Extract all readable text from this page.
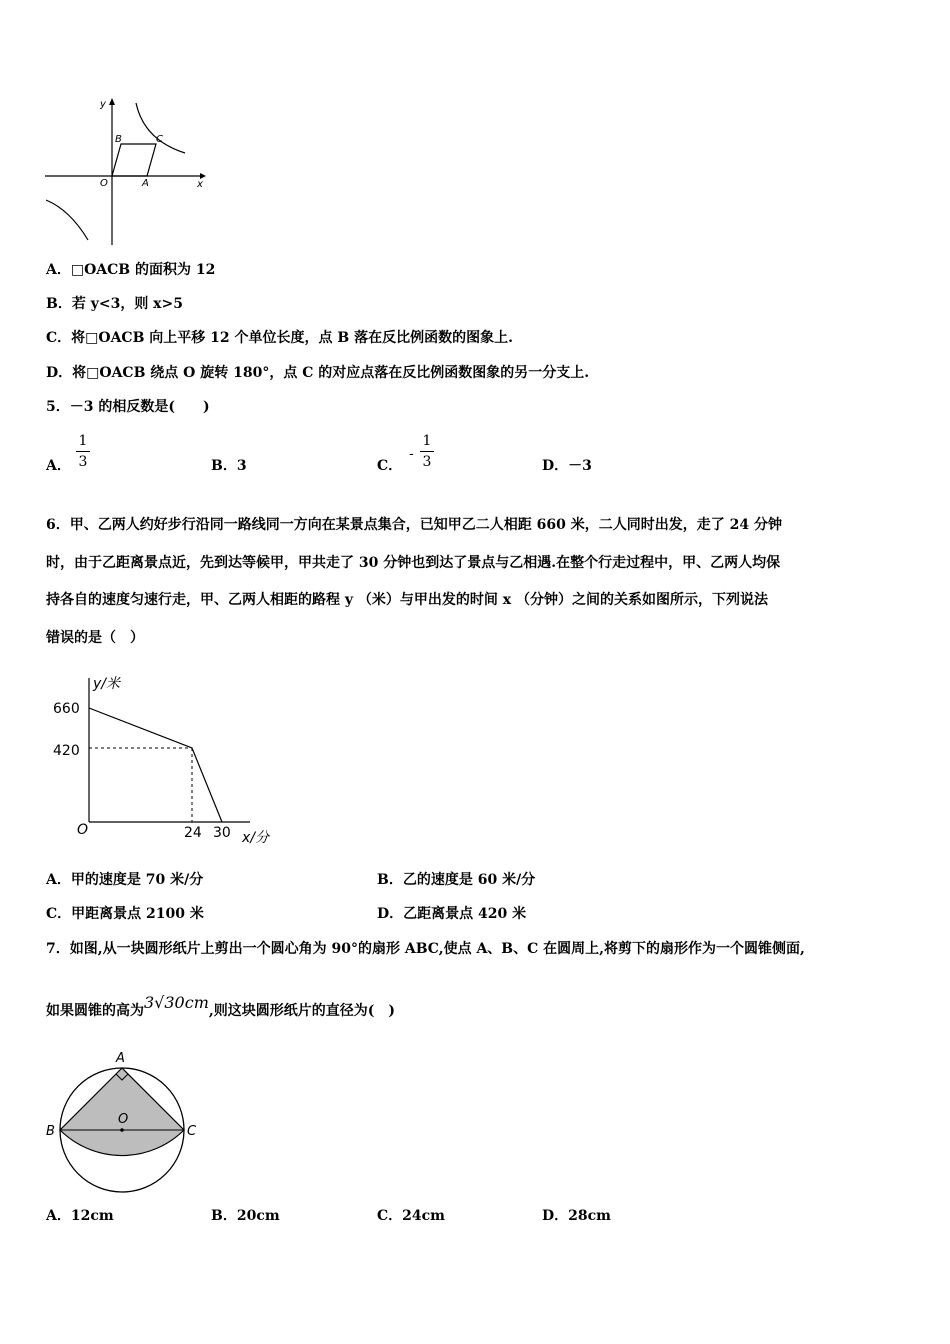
y
x
O	A
B	C
A．□OACB 的面积为 12
B．若 y<3，则 x>5
C．将□OACB 向上平移 12 个单位长度，点 B 落在反比例函数的图象上.
D．将□OACB 绕点 O 旋转 180°，点 C 的对应点落在反比例函数图象的另一分支上.
5．－3 的相反数是(　　)
A．
1
3	B．3	C．
-
1
3	D．－3
6．甲、乙两人约好步行沿同一路线同一方向在某景点集合，已知甲乙二人相距 660 米，二人同时出发，走了 24 分钟
时，由于乙距离景点近，先到达等候甲，甲共走了 30 分钟也到达了景点与乙相遇.在整个行走过程中，甲、乙两人均保
持各自的速度匀速行走，甲、乙两人相距的路程 y （米）与甲出发的时间 x （分钟）之间的关系如图所示，下列说法
错误的是（　）
y/米
x/分
O
660
420
24 30
A．甲的速度是 70 米/分	B．乙的速度是 60 米/分
C．甲距离景点 2100 米	D．乙距离景点 420 米
7．如图,从一块圆形纸片上剪出一个圆心角为 90°的扇形 ABC,使点 A、B、C 在圆周上,将剪下的扇形作为一个圆锥侧面,
如果圆锥的高为3√30cm,则这块圆形纸片的直径为(　)
A
B	C
O
A．12cm	B．20cm	C．24cm	D．28cm
